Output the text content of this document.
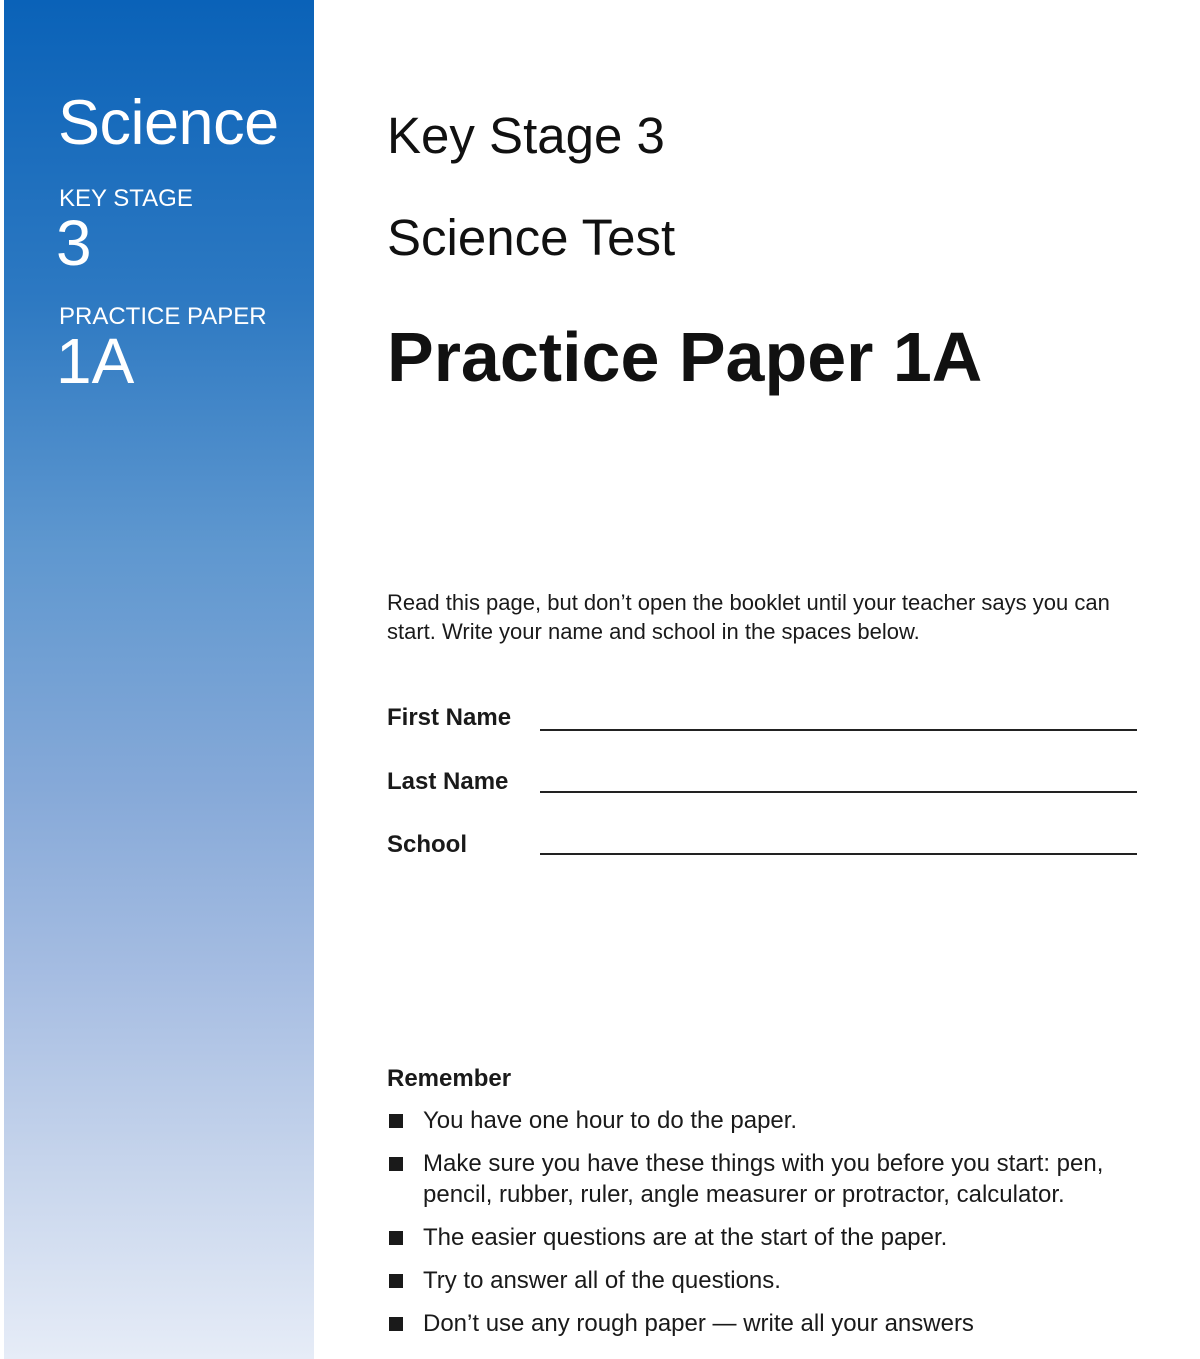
Science
KEY STAGE
3
PRACTICE PAPER
1A
Key Stage 3
Science Test
Practice Paper 1A
Read this page, but don’t open the booklet until your teacher says you can start. Write your name and school in the spaces below.
First Name
Last Name
School
Remember
You have one hour to do the paper.
Make sure you have these things with you before you start: pen, pencil, rubber, ruler, angle measurer or protractor, calculator.
The easier questions are at the start of the paper.
Try to answer all of the questions.
Don’t use any rough paper — write all your answers
